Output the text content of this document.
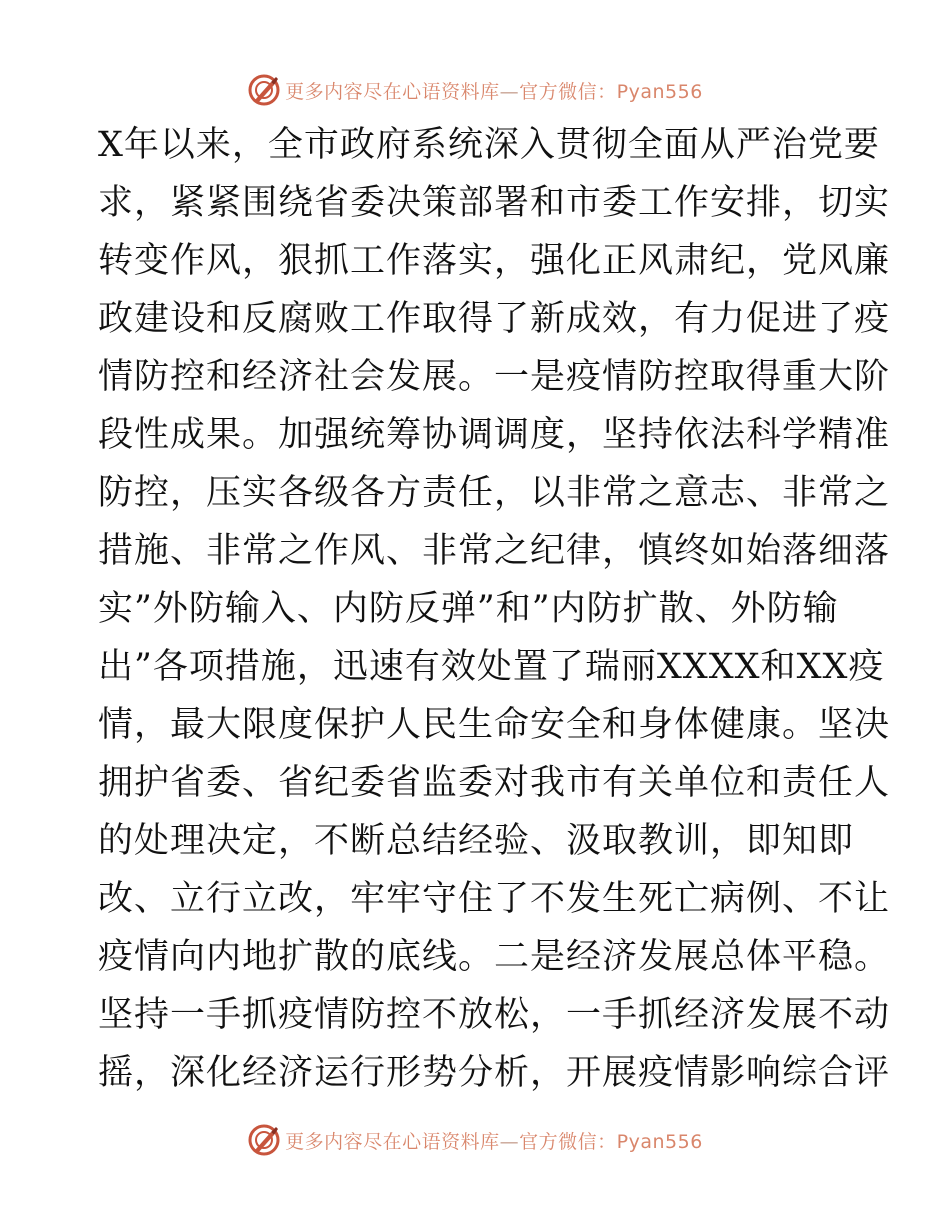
更多内容尽在心语资料库—官方微信：Pyan556
X年以来，全市政府系统深入贯彻全面从严治党要
求，紧紧围绕省委决策部署和市委工作安排，切实
转变作风，狠抓工作落实，强化正风肃纪，党风廉
政建设和反腐败工作取得了新成效，有力促进了疫
情防控和经济社会发展。一是疫情防控取得重大阶
段性成果。加强统筹协调调度，坚持依法科学精准
防控，压实各级各方责任，以非常之意志、非常之
措施、非常之作风、非常之纪律，慎终如始落细落
实”外防输入、内防反弹”和”内防扩散、外防输
出”各项措施，迅速有效处置了瑞丽XXXX和XX疫
情，最大限度保护人民生命安全和身体健康。坚决
拥护省委、省纪委省监委对我市有关单位和责任人
的处理决定，不断总结经验、汲取教训，即知即
改、立行立改，牢牢守住了不发生死亡病例、不让
疫情向内地扩散的底线。二是经济发展总体平稳。
坚持一手抓疫情防控不放松，一手抓经济发展不动
摇，深化经济运行形势分析，开展疫情影响综合评
更多内容尽在心语资料库—官方微信：Pyan556
